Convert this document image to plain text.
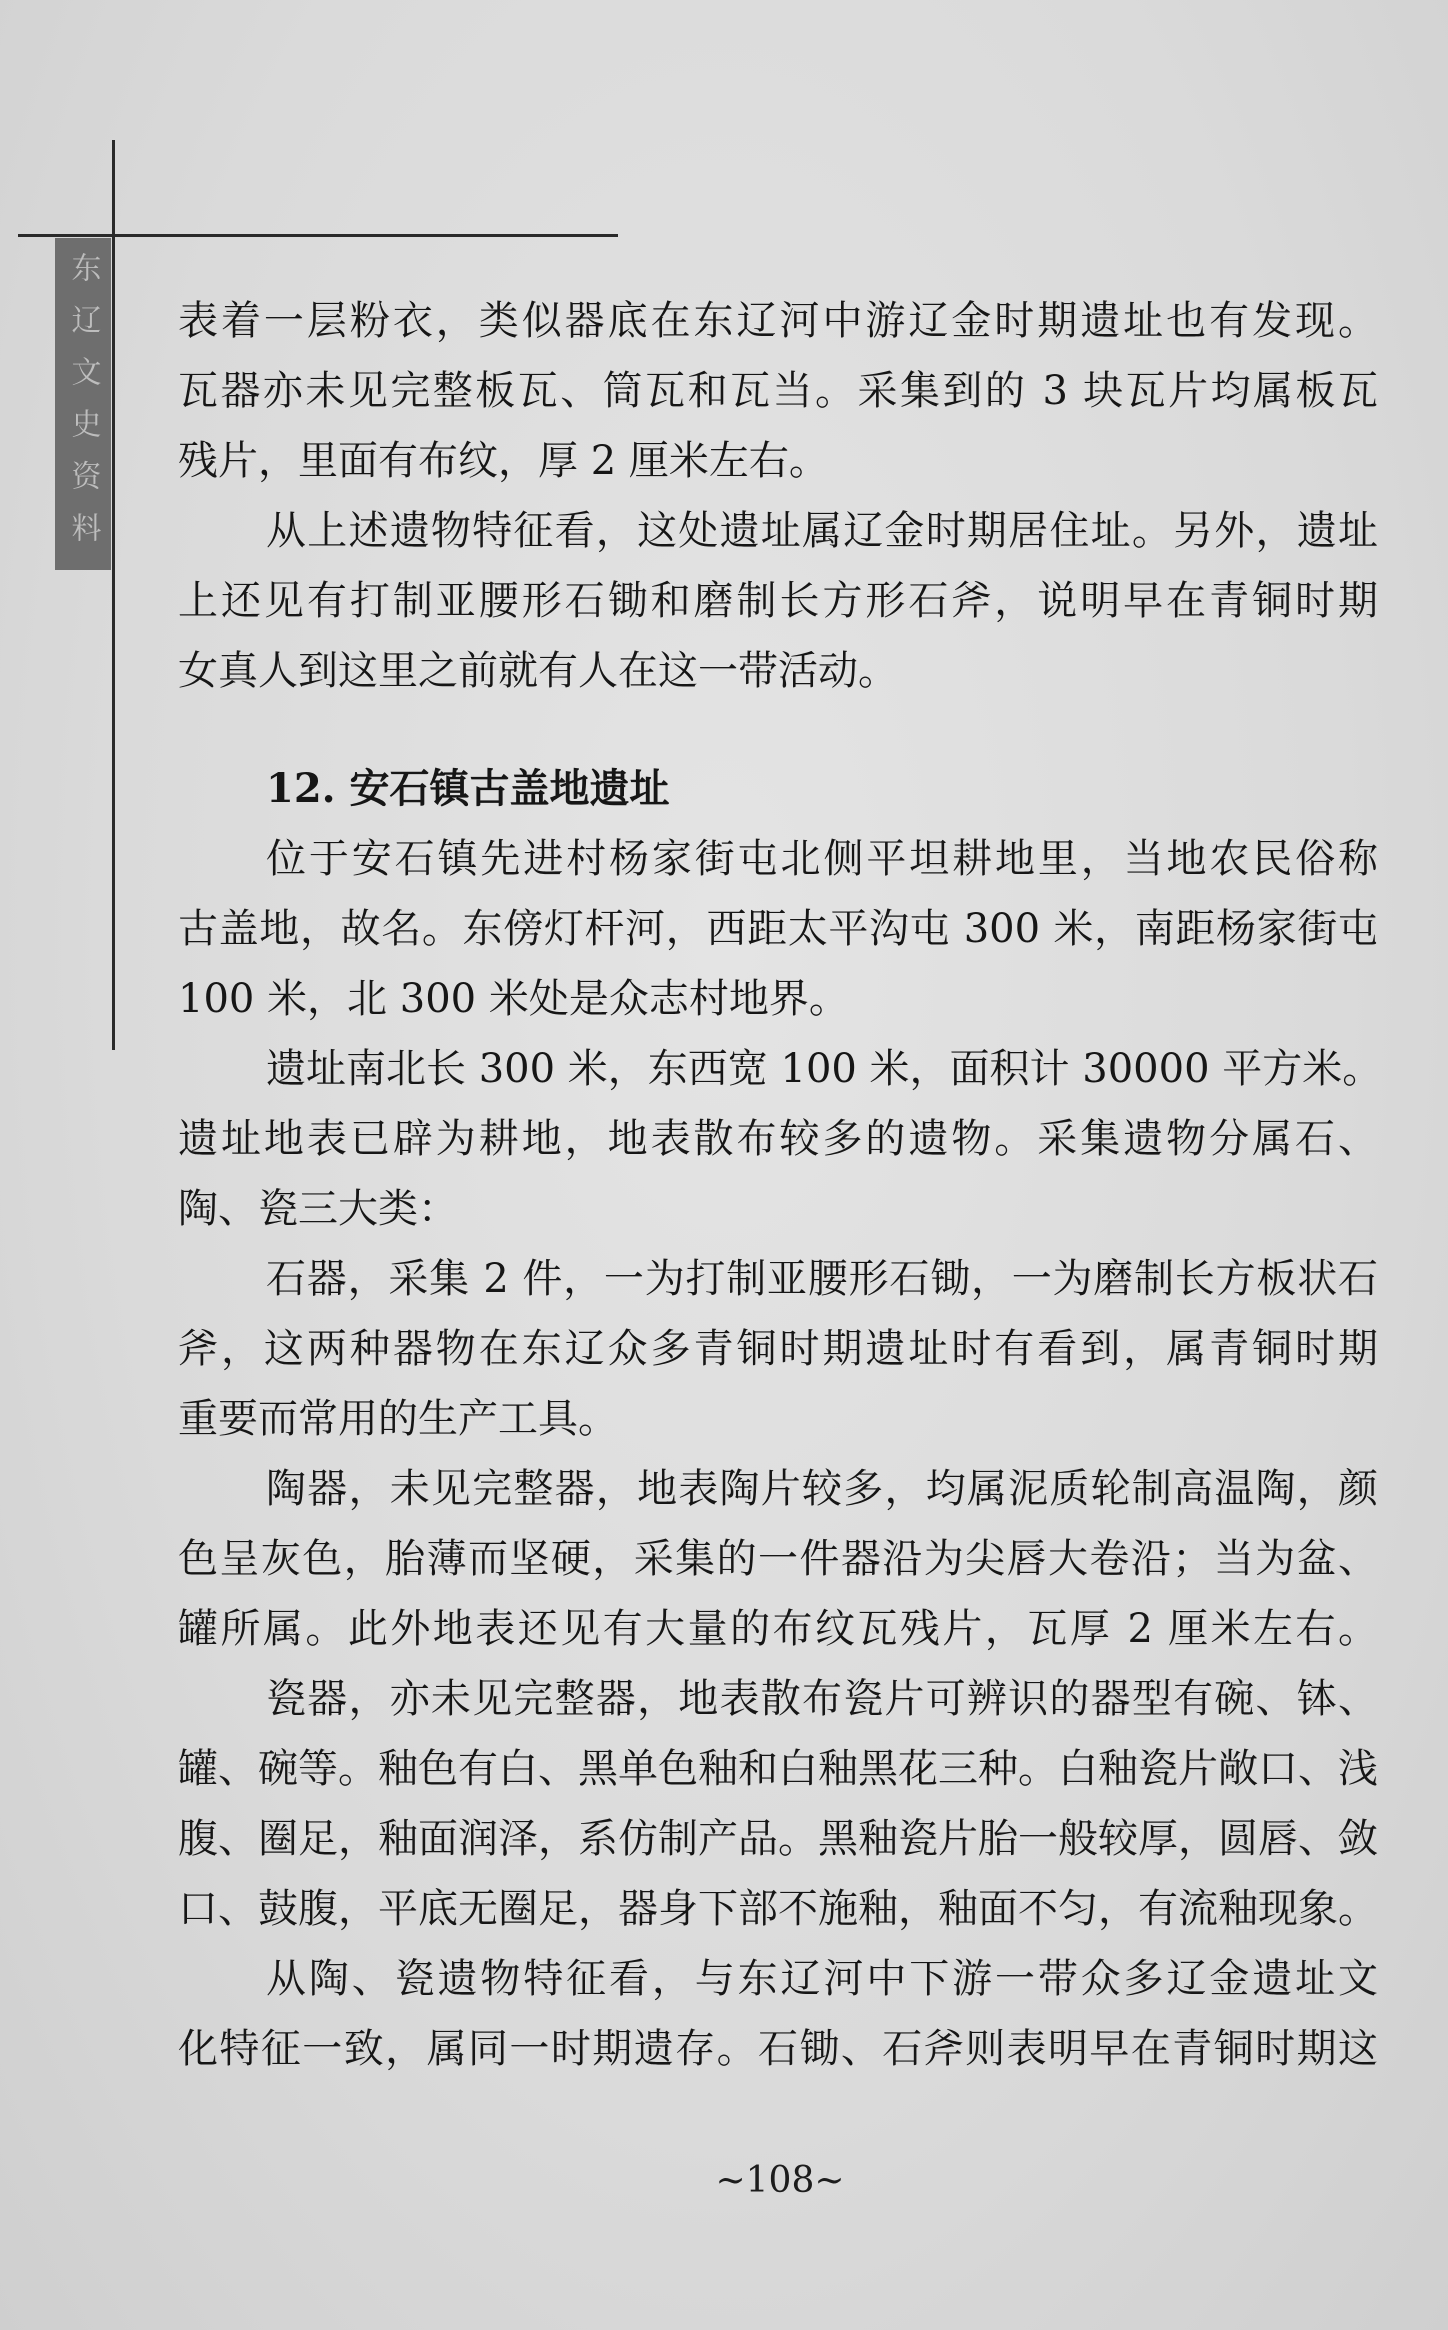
东辽文史资料 表着一层粉衣，类似器底在东辽河中游辽金时期遗址也有发现。
瓦器亦未见完整板瓦、筒瓦和瓦当。采集到的 3 块瓦片均属板瓦
残片，里面有布纹，厚 2 厘米左右。
从上述遗物特征看，这处遗址属辽金时期居住址。另外，遗址
上还见有打制亚腰形石锄和磨制长方形石斧，说明早在青铜时期
女真人到这里之前就有人在这一带活动。
12. 安石镇古盖地遗址
位于安石镇先进村杨家街屯北侧平坦耕地里，当地农民俗称
古盖地，故名。东傍灯杆河，西距太平沟屯 300 米，南距杨家街屯
100 米，北 300 米处是众志村地界。
遗址南北长 300 米，东西宽 100 米，面积计 30000 平方米。
遗址地表已辟为耕地，地表散布较多的遗物。采集遗物分属石、
陶、瓷三大类：
石器，采集 2 件，一为打制亚腰形石锄，一为磨制长方板状石
斧，这两种器物在东辽众多青铜时期遗址时有看到，属青铜时期
重要而常用的生产工具。
陶器，未见完整器，地表陶片较多，均属泥质轮制高温陶，颜
色呈灰色，胎薄而坚硬，采集的一件器沿为尖唇大卷沿；当为盆、
罐所属。此外地表还见有大量的布纹瓦残片，瓦厚 2 厘米左右。
瓷器，亦未见完整器，地表散布瓷片可辨识的器型有碗、钵、
罐、碗等。釉色有白、黑单色釉和白釉黑花三种。白釉瓷片敞口、浅
腹、圈足，釉面润泽，系仿制产品。黑釉瓷片胎一般较厚，圆唇、敛
口、鼓腹，平底无圈足，器身下部不施釉，釉面不匀，有流釉现象。
从陶、瓷遗物特征看，与东辽河中下游一带众多辽金遗址文
化特征一致，属同一时期遗存。石锄、石斧则表明早在青铜时期这
~108~
